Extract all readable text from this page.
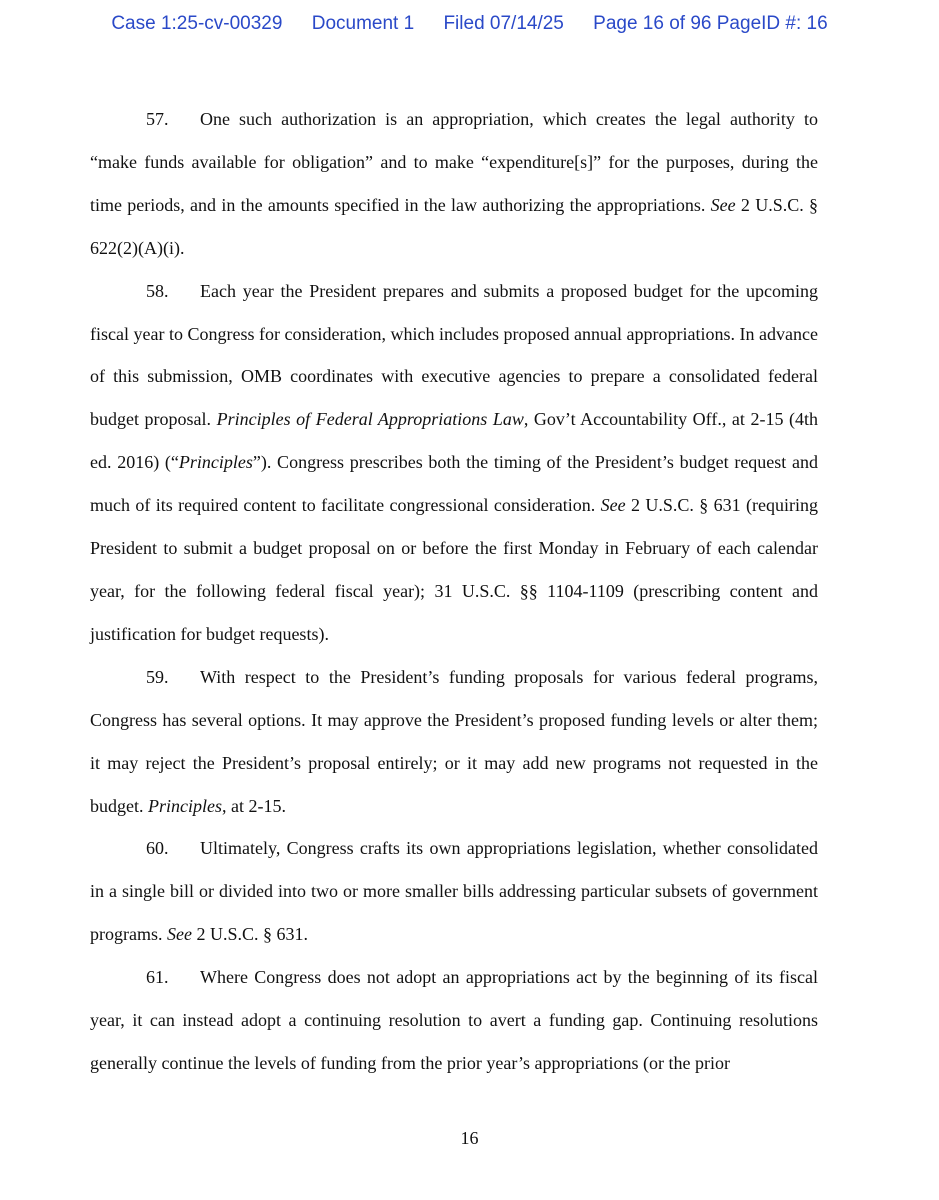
Case 1:25-cv-00329 Document 1 Filed 07/14/25 Page 16 of 96 PageID #: 16

57. One such authorization is an appropriation, which creates the legal authority to “make funds available for obligation” and to make “expenditure[s]” for the purposes, during the time periods, and in the amounts specified in the law authorizing the appropriations. See 2 U.S.C. § 622(2)(A)(i).

58. Each year the President prepares and submits a proposed budget for the upcoming fiscal year to Congress for consideration, which includes proposed annual appropriations. In advance of this submission, OMB coordinates with executive agencies to prepare a consolidated federal budget proposal. Principles of Federal Appropriations Law, Gov’t Accountability Off., at 2-15 (4th ed. 2016) (“Principles”). Congress prescribes both the timing of the President’s budget request and much of its required content to facilitate congressional consideration. See 2 U.S.C. § 631 (requiring President to submit a budget proposal on or before the first Monday in February of each calendar year, for the following federal fiscal year); 31 U.S.C. §§ 1104-1109 (prescribing content and justification for budget requests).

59. With respect to the President’s funding proposals for various federal programs, Congress has several options. It may approve the President’s proposed funding levels or alter them; it may reject the President’s proposal entirely; or it may add new programs not requested in the budget. Principles, at 2-15.

60. Ultimately, Congress crafts its own appropriations legislation, whether consolidated in a single bill or divided into two or more smaller bills addressing particular subsets of government programs. See 2 U.S.C. § 631.

61. Where Congress does not adopt an appropriations act by the beginning of its fiscal year, it can instead adopt a continuing resolution to avert a funding gap. Continuing resolutions generally continue the levels of funding from the prior year’s appropriations (or the prior

16
